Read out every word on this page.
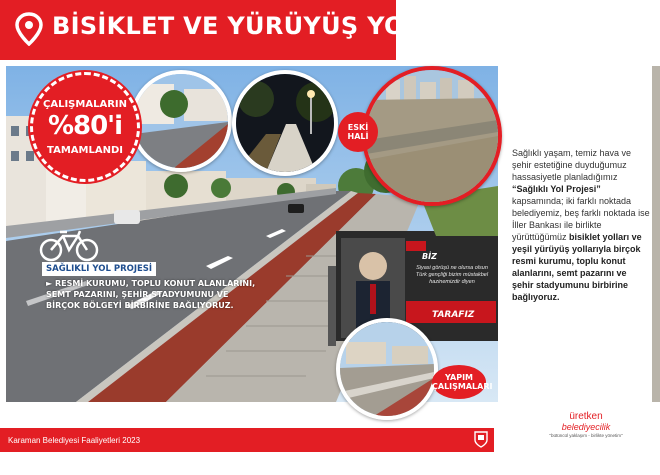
BİSİKLET VE YÜRÜYÜŞ YOLU
ÇALIŞMALARIN
%80'i
TAMAMLANDI
ESKİ HALİ
YAPIM ÇALIŞMALARI
SAĞLIKLI YOL PROJESİ
► RESMİ KURUMU, TOPLU KONUT ALANLARINI, SEMT PAZARINI, ŞEHİR STADYUMUNU VE BİRÇOK BÖLGEYİ BİRBİRİNE BAĞLIYORUZ.
BİZ
Siyasi görüşü ne olursa olsun Türk gençliği bizim müstakbel hazinemizdir diyen
TARAFIZ
Sağlıklı yaşam, temiz hava ve şehir estetiğine duyduğumuz hassasiyetle planladığımız “Sağlıklı Yol Projesi” kapsamında; iki farklı noktada belediyemiz, beş farklı noktada ise İller Bankası ile birlikte yürüttüğümüz bisiklet yolları ve yeşil yürüyüş yollarıyla birçok resmi kurumu, toplu konut alanlarını, semt pazarını ve şehir stadyumunu birbirine bağlıyoruz.
Karaman Belediyesi Faaliyetleri 2023
üretken
belediyecilik
"bütüncül yaklaşım - birlikte yönetim"
